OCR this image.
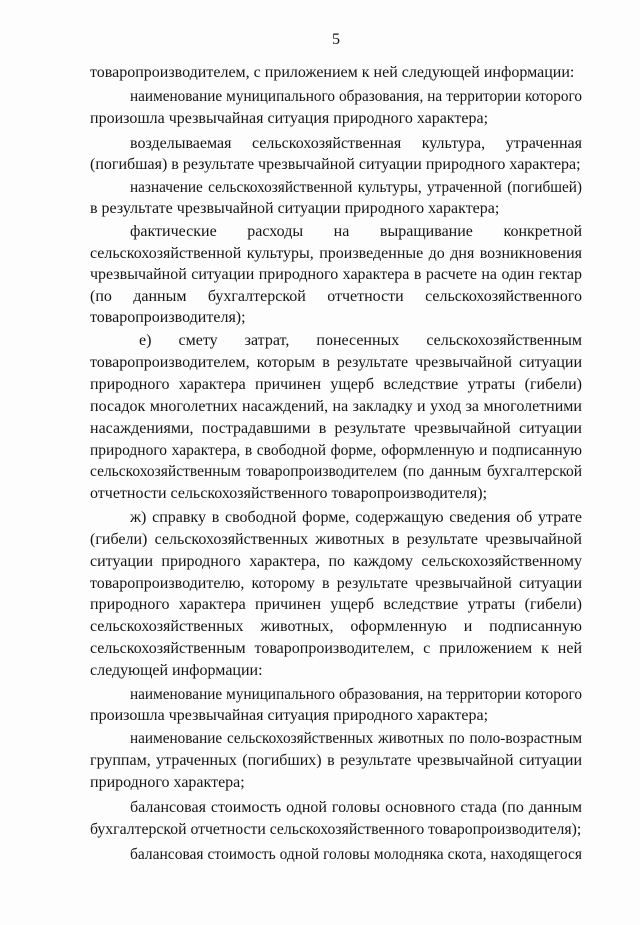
5
товаропроизводителем, с приложением к ней следующей информации:
наименование муниципального образования, на территории которого
произошла чрезвычайная ситуация природного характера;
возделываемая сельскохозяйственная культура, утраченная
(погибшая) в результате чрезвычайной ситуации природного характера;
назначение сельскохозяйственной культуры, утраченной (погибшей)
в результате чрезвычайной ситуации природного характера;
фактические расходы на выращивание конкретной
сельскохозяйственной культуры, произведенные до дня возникновения
чрезвычайной ситуации природного характера в расчете на один гектар
(по данным бухгалтерской отчетности сельскохозяйственного
товаропроизводителя);
е) смету затрат, понесенных сельскохозяйственным
товаропроизводителем, которым в результате чрезвычайной ситуации
природного характера причинен ущерб вследствие утраты (гибели)
посадок многолетних насаждений, на закладку и уход за многолетними
насаждениями, пострадавшими в результате чрезвычайной ситуации
природного характера, в свободной форме, оформленную и подписанную
сельскохозяйственным товаропроизводителем (по данным бухгалтерской
отчетности сельскохозяйственного товаропроизводителя);
ж) справку в свободной форме, содержащую сведения об утрате
(гибели) сельскохозяйственных животных в результате чрезвычайной
ситуации природного характера, по каждому сельскохозяйственному
товаропроизводителю, которому в результате чрезвычайной ситуации
природного характера причинен ущерб вследствие утраты (гибели)
сельскохозяйственных животных, оформленную и подписанную
сельскохозяйственным товаропроизводителем, с приложением к ней
следующей информации:
наименование муниципального образования, на территории которого
произошла чрезвычайная ситуация природного характера;
наименование сельскохозяйственных животных по поло-возрастным
группам, утраченных (погибших) в результате чрезвычайной ситуации
природного характера;
балансовая стоимость одной головы основного стада (по данным
бухгалтерской отчетности сельскохозяйственного товаропроизводителя);
балансовая стоимость одной головы молодняка скота, находящегося
